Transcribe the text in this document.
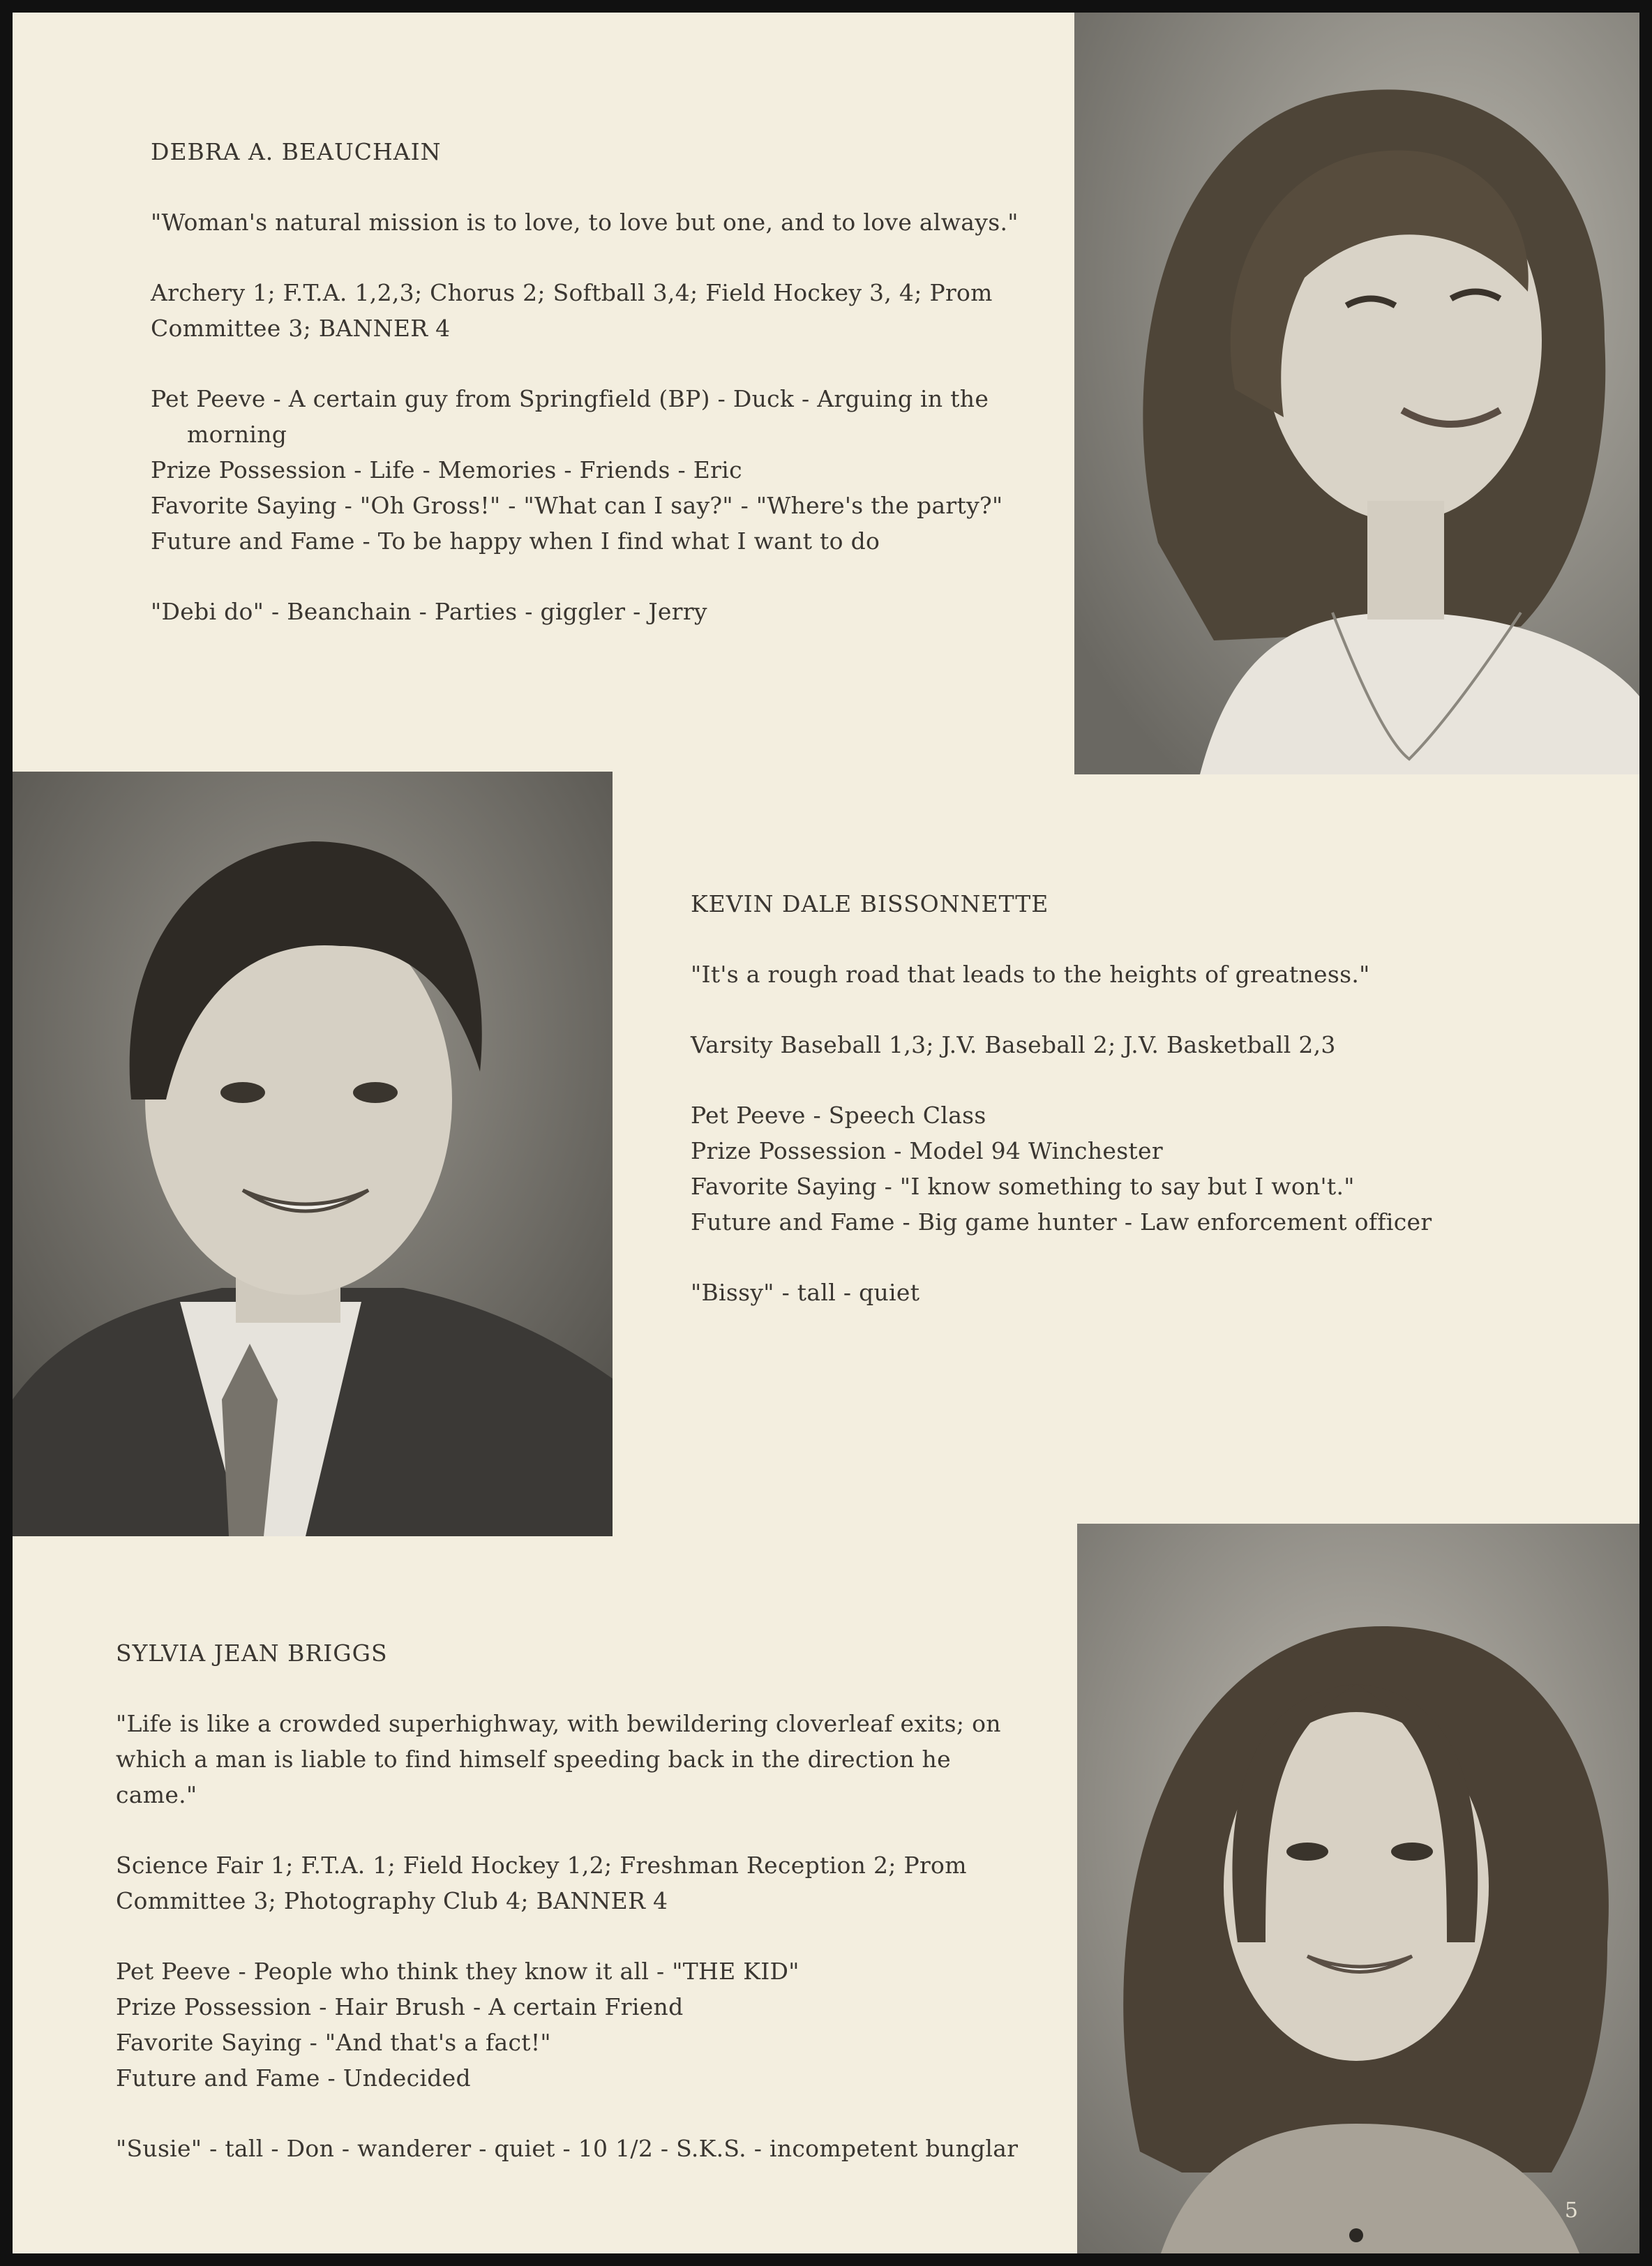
DEBRA A. BEAUCHAIN

"Woman's natural mission is to love, to love but one, and to love always."

Archery 1; F.T.A. 1,2,3; Chorus 2; Softball 3,4; Field Hockey 3, 4; Prom Committee 3; BANNER 4

Pet Peeve - A certain guy from Springfield (BP) - Duck - Arguing in the morning
Prize Possession - Life - Memories - Friends - Eric
Favorite Saying - "Oh Gross!" - "What can I say?" - "Where's the party?"
Future and Fame - To be happy when I find what I want to do

"Debi do" - Beanchain - Parties - giggler - Jerry

KEVIN DALE BISSONNETTE

"It's a rough road that leads to the heights of greatness."

Varsity Baseball 1,3; J.V. Baseball 2; J.V. Basketball 2,3

Pet Peeve - Speech Class
Prize Possession - Model 94 Winchester
Favorite Saying - "I know something to say but I won't."
Future and Fame - Big game hunter - Law enforcement officer

"Bissy" - tall - quiet

SYLVIA JEAN BRIGGS

"Life is like a crowded superhighway, with bewildering cloverleaf exits; on which a man is liable to find himself speeding back in the direction he came."

Science Fair 1; F.T.A. 1; Field Hockey 1,2; Freshman Reception 2; Prom Committee 3; Photography Club 4; BANNER 4

Pet Peeve - People who think they know it all - "THE KID"
Prize Possession - Hair Brush - A certain Friend
Favorite Saying - "And that's a fact!"
Future and Fame - Undecided

"Susie" - tall - Don - wanderer - quiet - 10 1/2 - S.K.S. - incompetent bunglar

5
